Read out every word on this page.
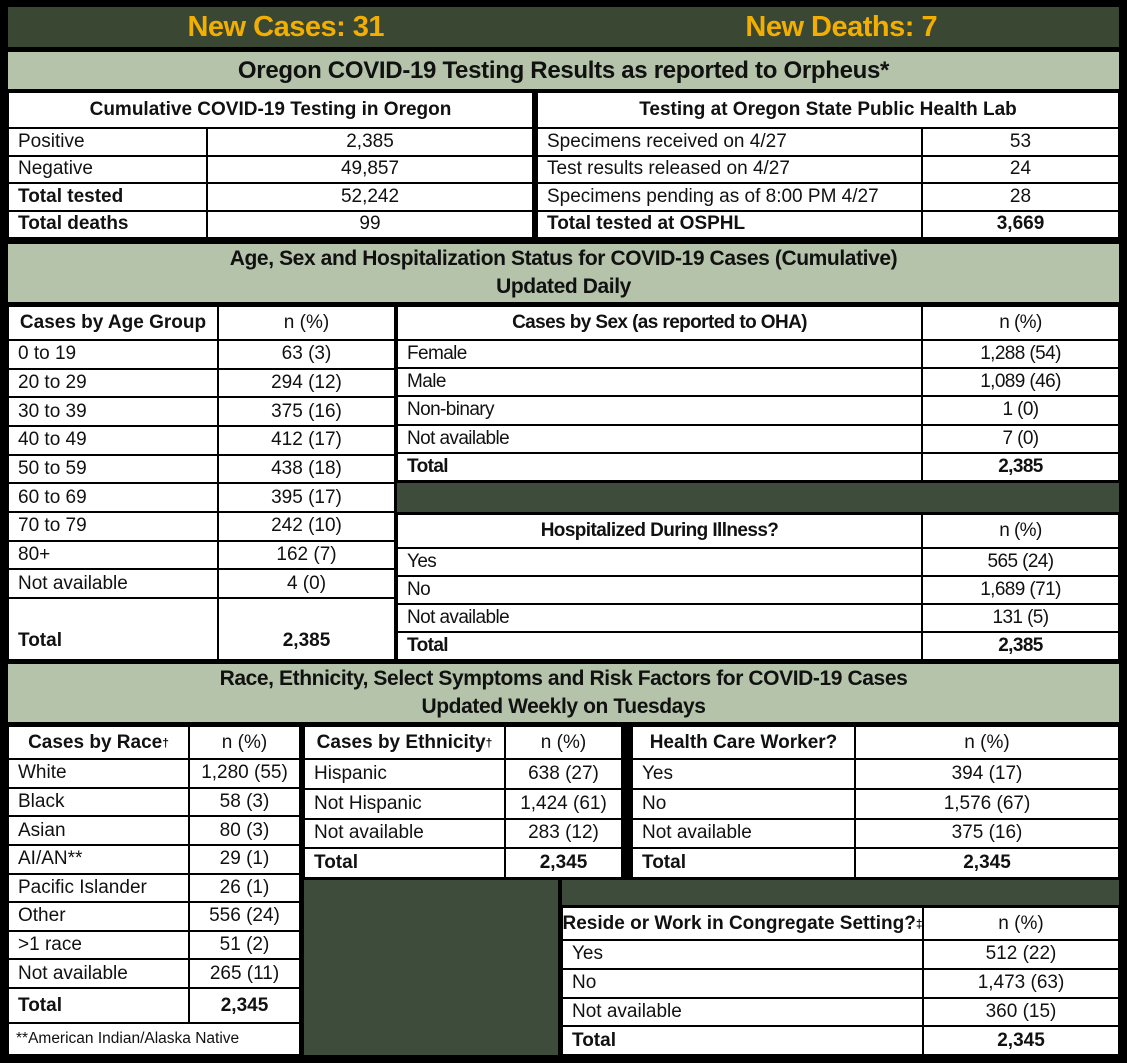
New Cases: 31	New Deaths: 7
Oregon COVID-19 Testing Results as reported to Orpheus*
Cumulative COVID-19 Testing in Oregon
Positive	2,385
Negative	49,857
Total tested	52,242
Total deaths	99
Testing at Oregon State Public Health Lab
Specimens received on 4/27	53
Test results released on 4/27	24
Specimens pending as of 8:00 PM 4/27	28
Total tested at OSPHL	3,669
Age, Sex and Hospitalization Status for COVID-19 Cases (Cumulative)
Updated Daily
Cases by Age Group	n (%)
0 to 19	63 (3)
20 to 29	294 (12)
30 to 39	375 (16)
40 to 49	412 (17)
50 to 59	438 (18)
60 to 69	395 (17)
70 to 79	242 (10)
80+	162 (7)
Not available	4 (0)
Total	2,385
Cases by Sex (as reported to OHA)	n (%)
Female	1,288 (54)
Male	1,089 (46)
Non-binary	1 (0)
Not available	7 (0)
Total	2,385
Hospitalized During Illness?	n (%)
Yes	565 (24)
No	1,689 (71)
Not available	131 (5)
Total	2,385
Race, Ethnicity, Select Symptoms and Risk Factors for COVID-19 Cases
Updated Weekly on Tuesdays
Cases by Race †	n (%)
White	1,280 (55)
Black	58 (3)
Asian	80 (3)
AI/AN**	29 (1)
Pacific Islander	26 (1)
Other	556 (24)
>1 race	51 (2)
Not available	265 (11)
Total	2,345
**American Indian/Alaska Native
Cases by Ethnicity †	n (%)
Hispanic	638 (27)
Not Hispanic	1,424 (61)
Not available	283 (12)
Total	2,345
Health Care Worker?	n (%)
Yes	394 (17)
No	1,576 (67)
Not available	375 (16)
Total	2,345
Reside or Work in Congregate Setting? ‡	n (%)
Yes	512 (22)
No	1,473 (63)
Not available	360 (15)
Total	2,345
